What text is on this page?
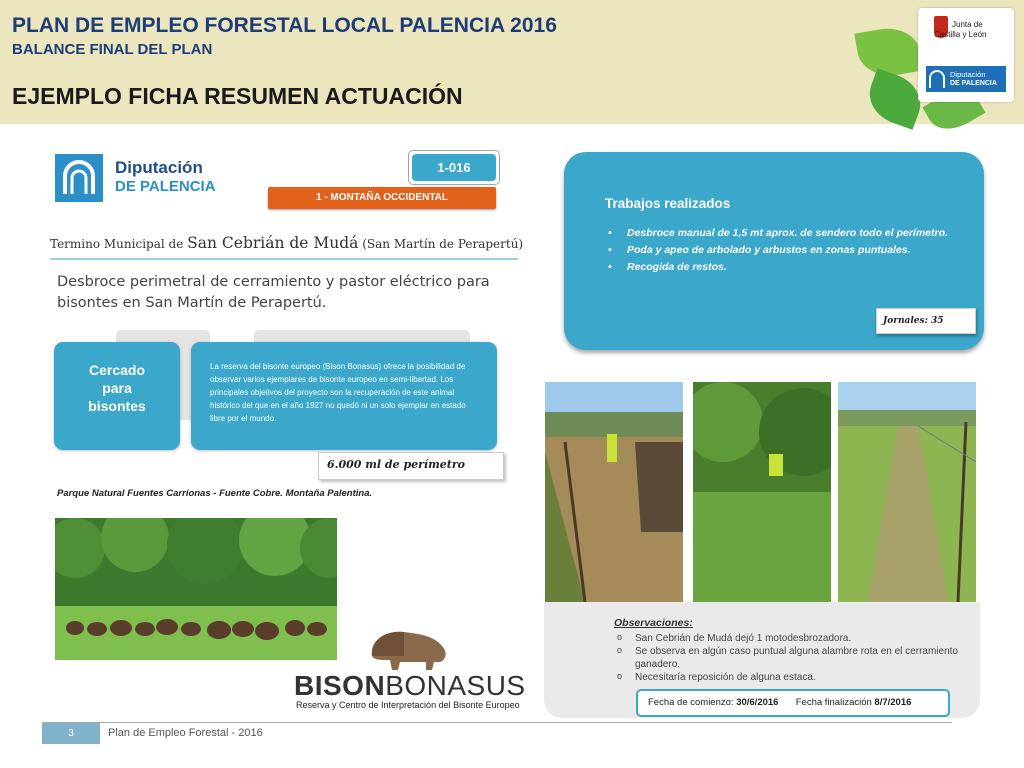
PLAN DE EMPLEO FORESTAL LOCAL PALENCIA 2016
BALANCE FINAL DEL PLAN
EJEMPLO FICHA RESUMEN ACTUACIÓN
Junta de
Castilla y León
Diputación
DE PALENCIA
Diputación
DE PALENCIA
1-016
1 - MONTAÑA OCCIDENTAL
Termino Municipal de San Cebrián de Mudá (San Martín de Perapertú)
Desbroce perimetral de cerramiento y pastor eléctrico para bisontes en San Martín de Perapertú.
Cercado
para
bisontes

La reserva del bisonte europeo (Bison Bonasus) ofrece la posibilidad de observar varios ejemplares de bisonte europeo en semi-libertad. Los principales objetivos del proyecto son la recuperación de este animal histórico del que en el año 1927 no quedó ni un solo ejemplar en estado libre por el mundo.

6.000 ml de perímetro
Parque Natural Fuentes Carrionas - Fuente Cobre. Montaña Palentina.
BISONBONASUS
Reserva y Centro de Interpretación del Bisonte Europeo
Trabajos realizados
• Desbroce manual de 1,5 mt aprox. de sendero todo el perímetro.
• Poda y apeo de arbolado y arbustos en zonas puntuales.
• Recogida de restos.
Jornales: 35
Observaciones:
o San Cebrián de Mudá dejó 1 motodesbrozadora.
o Se observa en algún caso puntual alguna alambre rota en el cerramiento ganadero.
o Necesitaría reposición de alguna estaca.
Fecha de comienzo: 30/6/2016 Fecha finalización 8/7/2016
3	Plan de Empleo Forestal - 2016
